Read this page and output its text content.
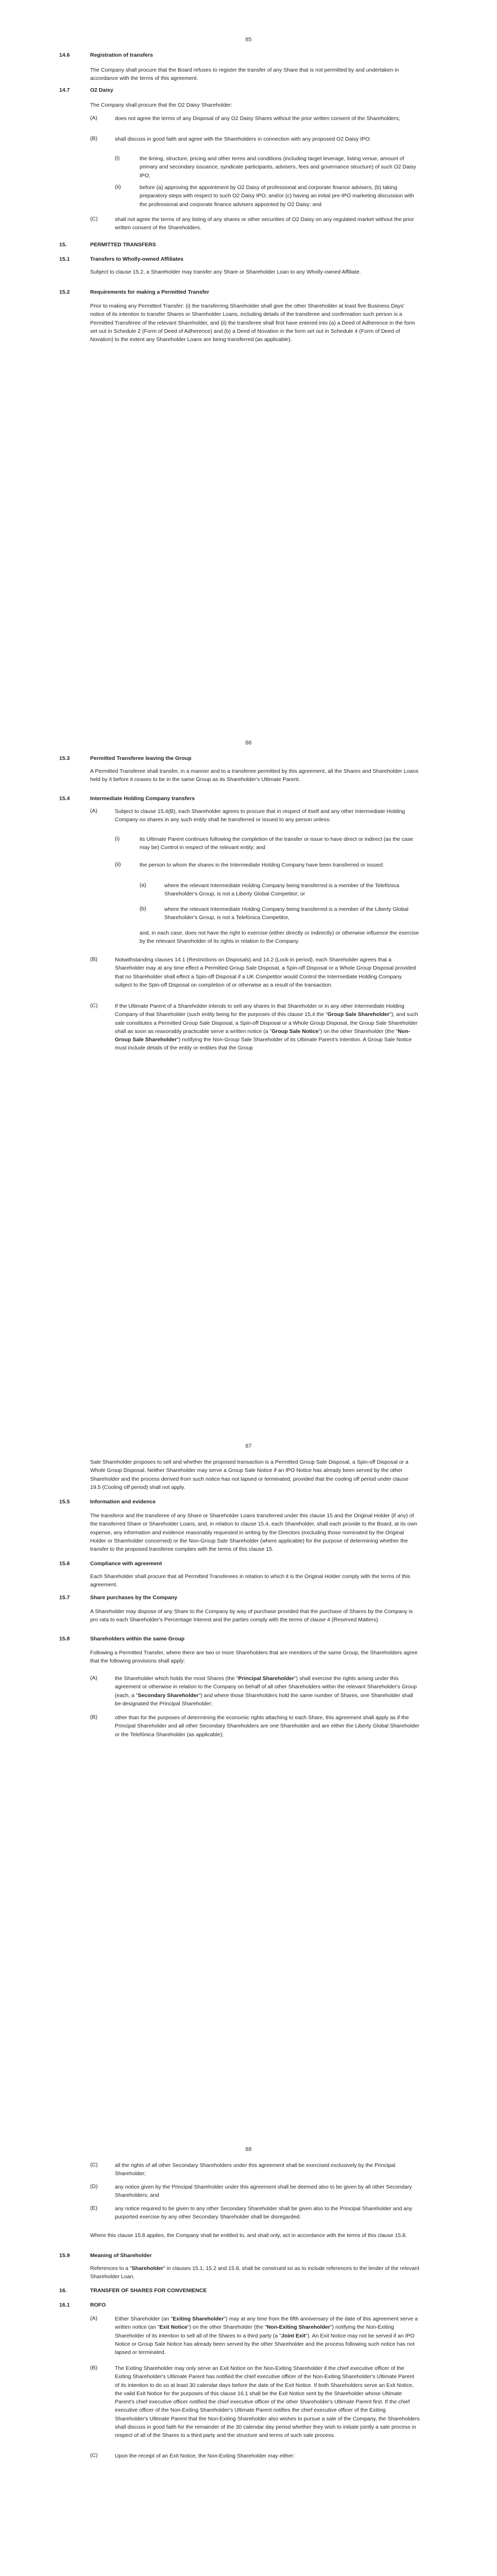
85
14.6	Registration of transfers

The Company shall procure that the Board refuses to register the transfer of any Share that is not permitted by and undertaken in accordance with the terms of this agreement.

14.7	O2 Daisy

The Company shall procure that the O2 Daisy Shareholder:

(A)	does not agree the terms of any Disposal of any O2 Daisy Shares without the prior written consent of the Shareholders;

(B)	shall discuss in good faith and agree with the Shareholders in connection with any proposed O2 Daisy IPO:

(i)	the timing, structure, pricing and other terms and conditions (including target leverage, listing venue, amount of primary and secondary issuance, syndicate participants, advisers, fees and governance structure) of such O2 Daisy IPO;

(ii)	before (a) approving the appointment by O2 Daisy of professional and corporate finance advisers, (b) taking preparatory steps with respect to such O2 Daisy IPO; and/or (c) having an initial pre-IPO marketing discussion with the professional and corporate finance advisers appointed by O2 Daisy; and

(C)	shall not agree the terms of any listing of any shares or other securities of O2 Daisy on any regulated market without the prior written consent of the Shareholders.

15.	PERMITTED TRANSFERS
15.1	Transfers to Wholly-owned Affiliates

Subject to clause 15.2, a Shareholder may transfer any Share or Shareholder Loan to any Wholly-owned Affiliate.

15.2	Requirements for making a Permitted Transfer

Prior to making any Permitted Transfer: (i) the transferring Shareholder shall give the other Shareholder at least five Business Days' notice of its intention to transfer Shares or Shareholder Loans, including details of the transferee and confirmation such person is a Permitted Transferee of the relevant Shareholder, and (ii) the transferee shall first have entered into (a) a Deed of Adherence in the form set out in Schedule 2 (Form of Deed of Adherence) and (b) a Deed of Novation in the form set out in Schedule 4 (Form of Deed of Novation) to the extent any Shareholder Loans are being transferred (as applicable).

86
15.3	Permitted Transferee leaving the Group

A Permitted Transferee shall transfer, in a manner and to a transferee permitted by this agreement, all the Shares and Shareholder Loans held by it before it ceases to be in the same Group as its Shareholder's Ultimate Parent.

15.4	Intermediate Holding Company transfers
(A)	Subject to clause 15.4(B), each Shareholder agrees to procure that in respect of itself and any other Intermediate Holding Company no shares in any such entity shall be transferred or issued to any person unless:

(i)	its Ultimate Parent continues following the completion of the transfer or issue to have direct or indirect (as the case may be) Control in respect of the relevant entity; and

(ii)	the person to whom the shares in the Intermediate Holding Company have been transferred or issued:

(a)	where the relevant Intermediate Holding Company being transferred is a member of the Telefónica Shareholder's Group, is not a Liberty Global Competitor; or

(b)	where the relevant Intermediate Holding Company being transferred is a member of the Liberty Global Shareholder's Group, is not a Telefónica Competitor,

and, in each case, does not have the right to exercise (either directly or indirectly) or otherwise influence the exercise by the relevant Shareholder of its rights in relation to the Company.

(B)	Notwithstanding clauses 14.1 (Restrictions on Disposals) and 14.2 (Lock-in period), each Shareholder agrees that a Shareholder may at any time effect a Permitted Group Sale Disposal, a Spin-off Disposal or a Whole Group Disposal provided that no Shareholder shall effect a Spin-off Disposal if a UK Competitor would Control the Intermediate Holding Company subject to the Spin-off Disposal on completion of or otherwise as a result of the transaction.

(C)	If the Ultimate Parent of a Shareholder intends to sell any shares in that Shareholder or in any other Intermediate Holding Company of that Shareholder (such entity being for the purposes of this clause 15.4 the "Group Sale Shareholder"), and such sale constitutes a Permitted Group Sale Disposal, a Spin-off Disposal or a Whole Group Disposal, the Group Sale Shareholder shall as soon as reasonably practicable serve a written notice (a "Group Sale Notice") on the other Shareholder (the "Non-Group Sale Shareholder") notifying the Non-Group Sale Shareholder of its Ultimate Parent's intention. A Group Sale Notice must include details of the entity or entities that the Group

87

Sale Shareholder proposes to sell and whether the proposed transaction is a Permitted Group Sale Disposal, a Spin-off Disposal or a Whole Group Disposal. Neither Shareholder may serve a Group Sale Notice if an IPO Notice has already been served by the other Shareholder and the process derived from such notice has not lapsed or terminated, provided that the cooling off period under clause 19.5 (Cooling off period) shall not apply.

15.5	Information and evidence

The transferor and the transferee of any Share or Shareholder Loans transferred under this clause 15 and the Original Holder (if any) of the transferred Share or Shareholder Loans, and, in relation to clause 15.4, each Shareholder, shall each provide to the Board, at its own expense, any information and evidence reasonably requested in writing by the Directors (excluding those nominated by the Original Holder or Shareholder concerned) or the Non-Group Sale Shareholder (where applicable) for the purpose of determining whether the transfer to the proposed transferee complies with the terms of this clause 15.

15.6	Compliance with agreement

Each Shareholder shall procure that all Permitted Transferees in relation to which it is the Original Holder comply with the terms of this agreement.

15.7	Share purchases by the Company

A Shareholder may dispose of any Share to the Company by way of purchase provided that the purchase of Shares by the Company is pro rata to each Shareholder's Percentage Interest and the parties comply with the terms of clause 4 (Reserved Matters).

15.8	Shareholders within the same Group

Following a Permitted Transfer, where there are two or more Shareholders that are members of the same Group, the Shareholders agree that the following provisions shall apply:

(A)	the Shareholder which holds the most Shares (the "Principal Shareholder") shall exercise the rights arising under this agreement or otherwise in relation to the Company on behalf of all other Shareholders within the relevant Shareholder's Group (each, a "Secondary Shareholder") and where those Shareholders hold the same number of Shares, one Shareholder shall be designated the Principal Shareholder;

(B)	other than for the purposes of determining the economic rights attaching to each Share, this agreement shall apply as if the Principal Shareholder and all other Secondary Shareholders are one Shareholder and are either the Liberty Global Shareholder or the Telefónica Shareholder (as applicable);

88
(C)	all the rights of all other Secondary Shareholders under this agreement shall be exercised exclusively by the Principal Shareholder;

(D)	any notice given by the Principal Shareholder under this agreement shall be deemed also to be given by all other Secondary Shareholders; and

(E)	any notice required to be given to any other Secondary Shareholder shall be given also to the Principal Shareholder and any purported exercise by any other Secondary Shareholder shall be disregarded.

Where this clause 15.8 applies, the Company shall be entitled to, and shall only, act in accordance with the terms of this clause 15.8.

15.9	Meaning of Shareholder

References to a "Shareholder" in clauses 15.1, 15.2 and 15.8, shall be construed so as to include references to the lender of the relevant Shareholder Loan.

16.	TRANSFER OF SHARES FOR CONVENIENCE
16.1	ROFO
(A)	Either Shareholder (an "Exiting Shareholder") may at any time from the fifth anniversary of the date of this agreement serve a written notice (an "Exit Notice") on the other Shareholder (the "Non-Exiting Shareholder") notifying the Non-Exiting Shareholder of its intention to sell all of the Shares to a third party (a "Joint Exit"). An Exit Notice may not be served if an IPO Notice or Group Sale Notice has already been served by the other Shareholder and the process following such notice has not lapsed or terminated.

(B)	The Exiting Shareholder may only serve an Exit Notice on the Non-Exiting Shareholder if the chief executive officer of the Exiting Shareholder's Ultimate Parent has notified the chief executive officer of the Non-Exiting Shareholder's Ultimate Parent of its intention to do so at least 30 calendar days before the date of the Exit Notice. If both Shareholders serve an Exit Notice, the valid Exit Notice for the purposes of this clause 16.1 shall be the Exit Notice sent by the Shareholder whose Ultimate Parent's chief executive officer notified the chief executive officer of the other Shareholder's Ultimate Parent first. If the chief executive officer of the Non-Exiting Shareholder's Ultimate Parent notifies the chief executive officer of the Exiting Shareholder's Ultimate Parent that the Non-Exiting Shareholder also wishes to pursue a sale of the Company, the Shareholders shall discuss in good faith for the remainder of the 30 calendar day period whether they wish to initiate jointly a sale process in respect of all of the Shares to a third party and the structure and terms of such sale process.

(C)	Upon the receipt of an Exit Notice, the Non-Exiting Shareholder may either:
